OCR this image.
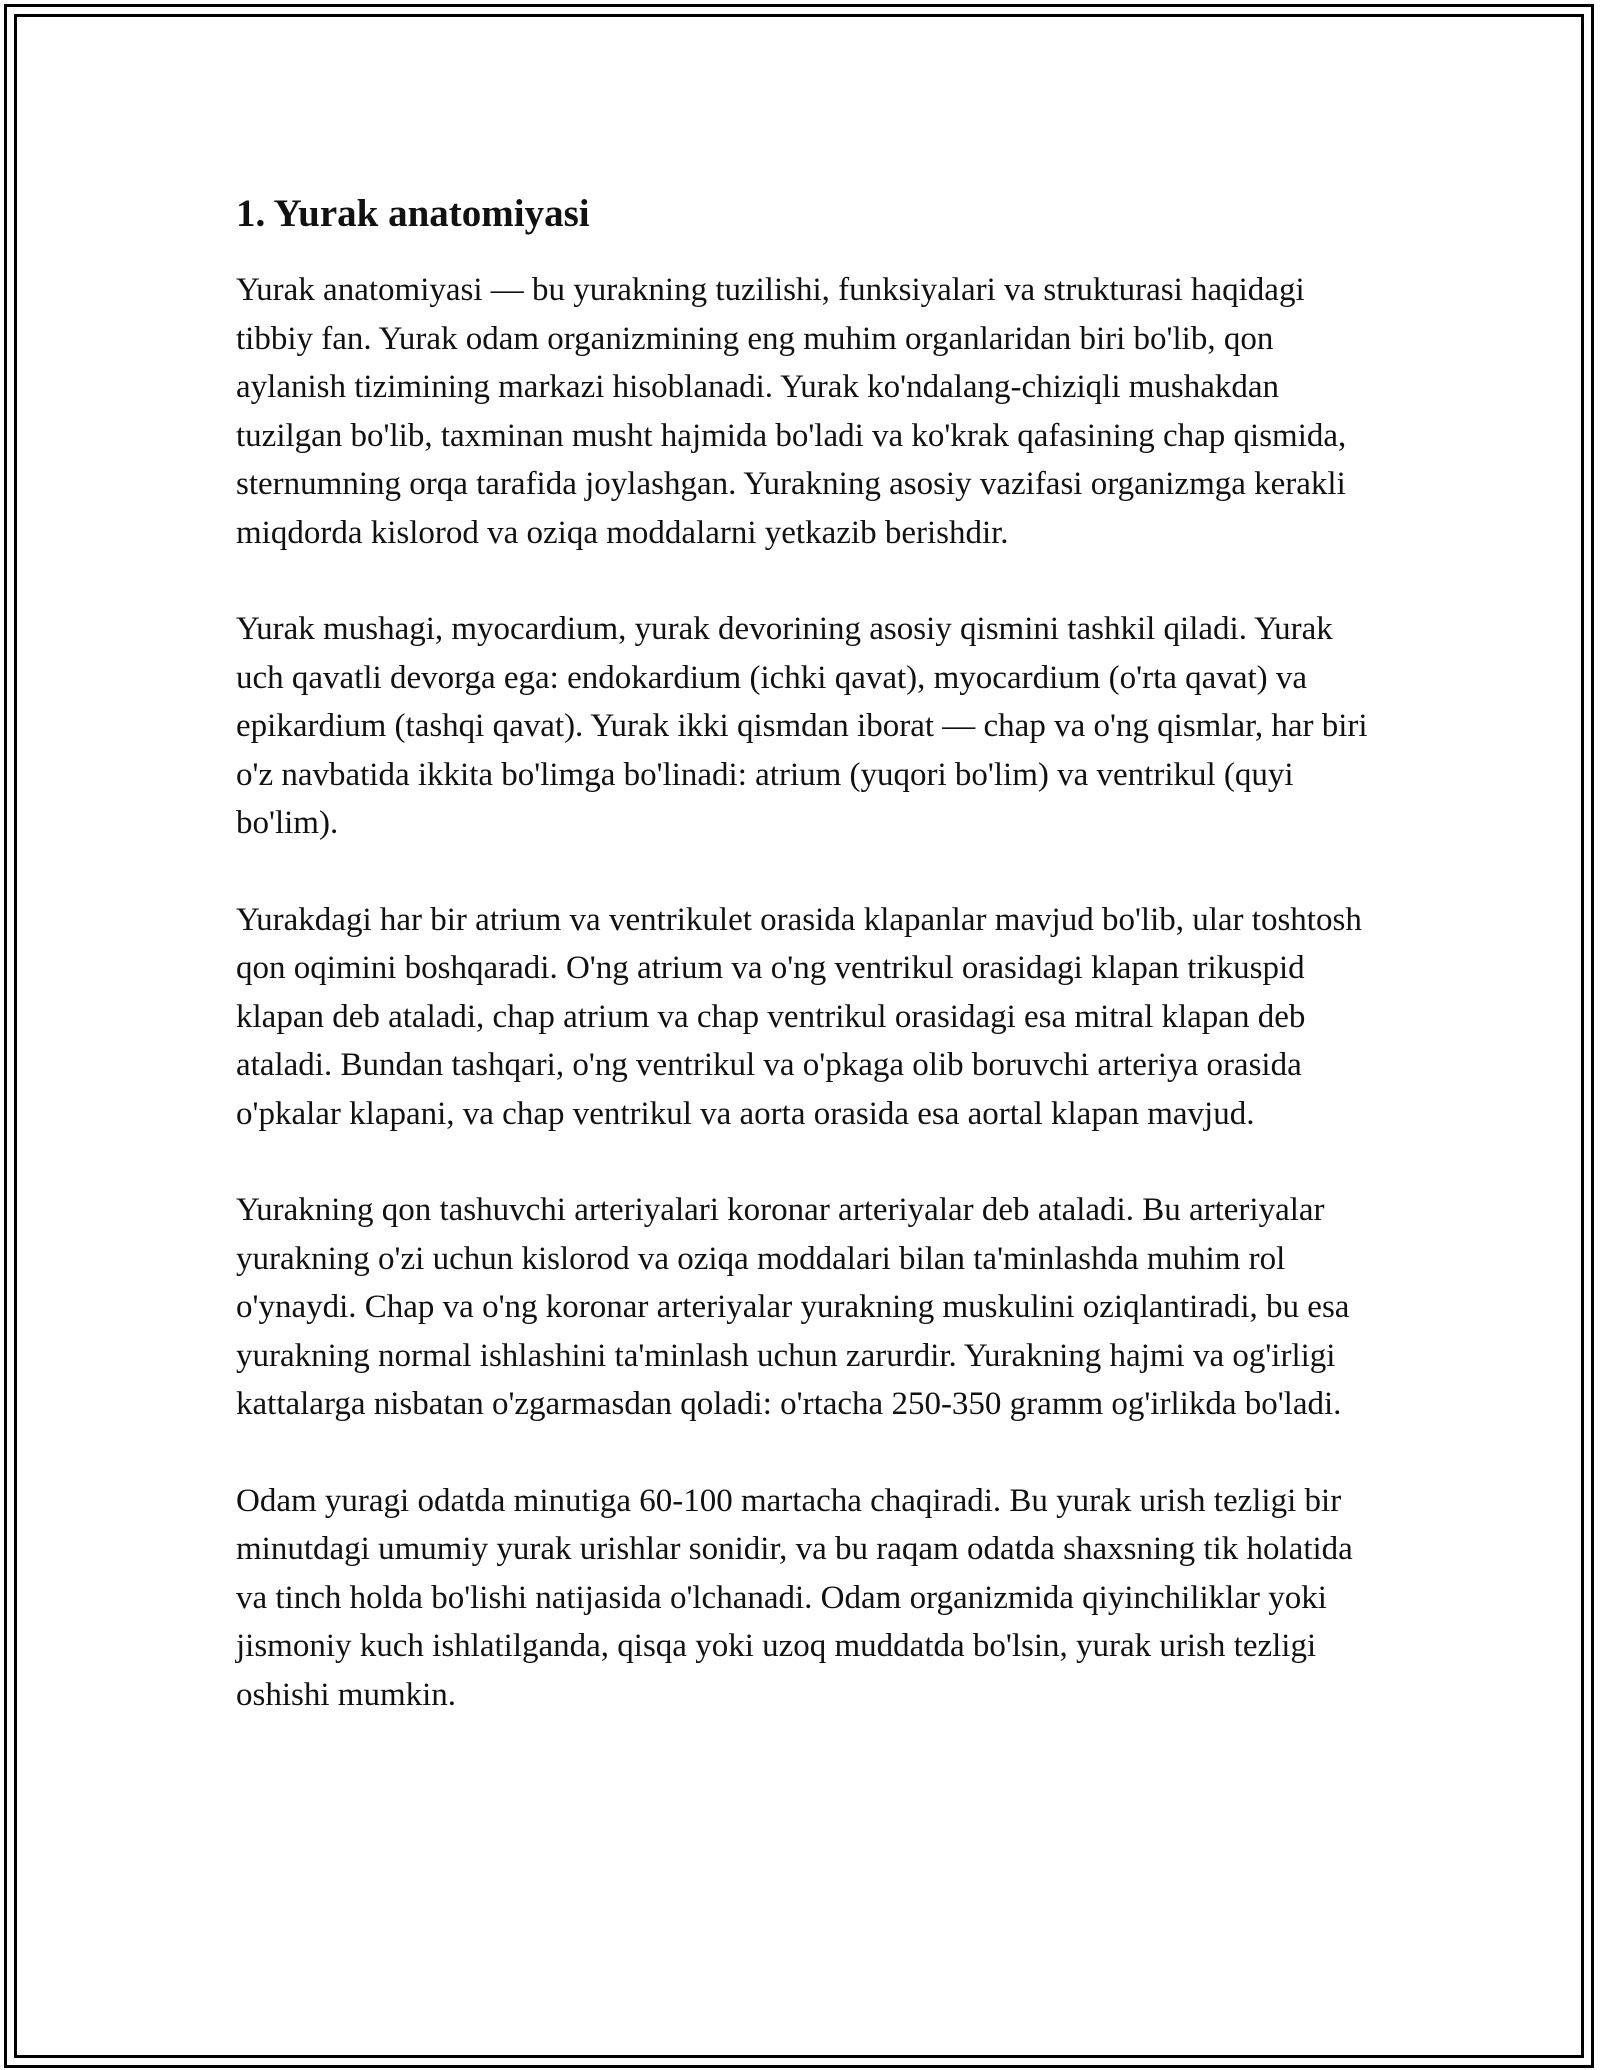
1. Yurak anatomiyasi

Yurak anatomiyasi — bu yurakning tuzilishi, funksiyalari va strukturasi haqidagi tibbiy fan. Yurak odam organizmining eng muhim organlaridan biri bo'lib, qon aylanish tizimining markazi hisoblanadi. Yurak ko'ndalang-chiziqli mushakdan tuzilgan bo'lib, taxminan musht hajmida bo'ladi va ko'krak qafasining chap qismida, sternumning orqa tarafida joylashgan. Yurakning asosiy vazifasi organizmga kerakli miqdorda kislorod va oziqa moddalarni yetkazib berishdir.

Yurak mushagi, myocardium, yurak devorining asosiy qismini tashkil qiladi. Yurak uch qavatli devorga ega: endokardium (ichki qavat), myocardium (o'rta qavat) va epikardium (tashqi qavat). Yurak ikki qismdan iborat — chap va o'ng qismlar, har biri o'z navbatida ikkita bo'limga bo'linadi: atrium (yuqori bo'lim) va ventrikul (quyi bo'lim).

Yurakdagi har bir atrium va ventrikulet orasida klapanlar mavjud bo'lib, ular toshtosh qon oqimini boshqaradi. O'ng atrium va o'ng ventrikul orasidagi klapan trikuspid klapan deb ataladi, chap atrium va chap ventrikul orasidagi esa mitral klapan deb ataladi. Bundan tashqari, o'ng ventrikul va o'pkaga olib boruvchi arteriya orasida o'pkalar klapani, va chap ventrikul va aorta orasida esa aortal klapan mavjud.

Yurakning qon tashuvchi arteriyalari koronar arteriyalar deb ataladi. Bu arteriyalar yurakning o'zi uchun kislorod va oziqa moddalari bilan ta'minlashda muhim rol o'ynaydi. Chap va o'ng koronar arteriyalar yurakning muskulini oziqlantiradi, bu esa yurakning normal ishlashini ta'minlash uchun zarurdir. Yurakning hajmi va og'irligi kattalarga nisbatan o'zgarmasdan qoladi: o'rtacha 250-350 gramm og'irlikda bo'ladi.

Odam yuragi odatda minutiga 60-100 martacha chaqiradi. Bu yurak urish tezligi bir minutdagi umumiy yurak urishlar sonidir, va bu raqam odatda shaxsning tik holatida va tinch holda bo'lishi natijasida o'lchanadi. Odam organizmida qiyinchiliklar yoki jismoniy kuch ishlatilganda, qisqa yoki uzoq muddatda bo'lsin, yurak urish tezligi oshishi mumkin.
